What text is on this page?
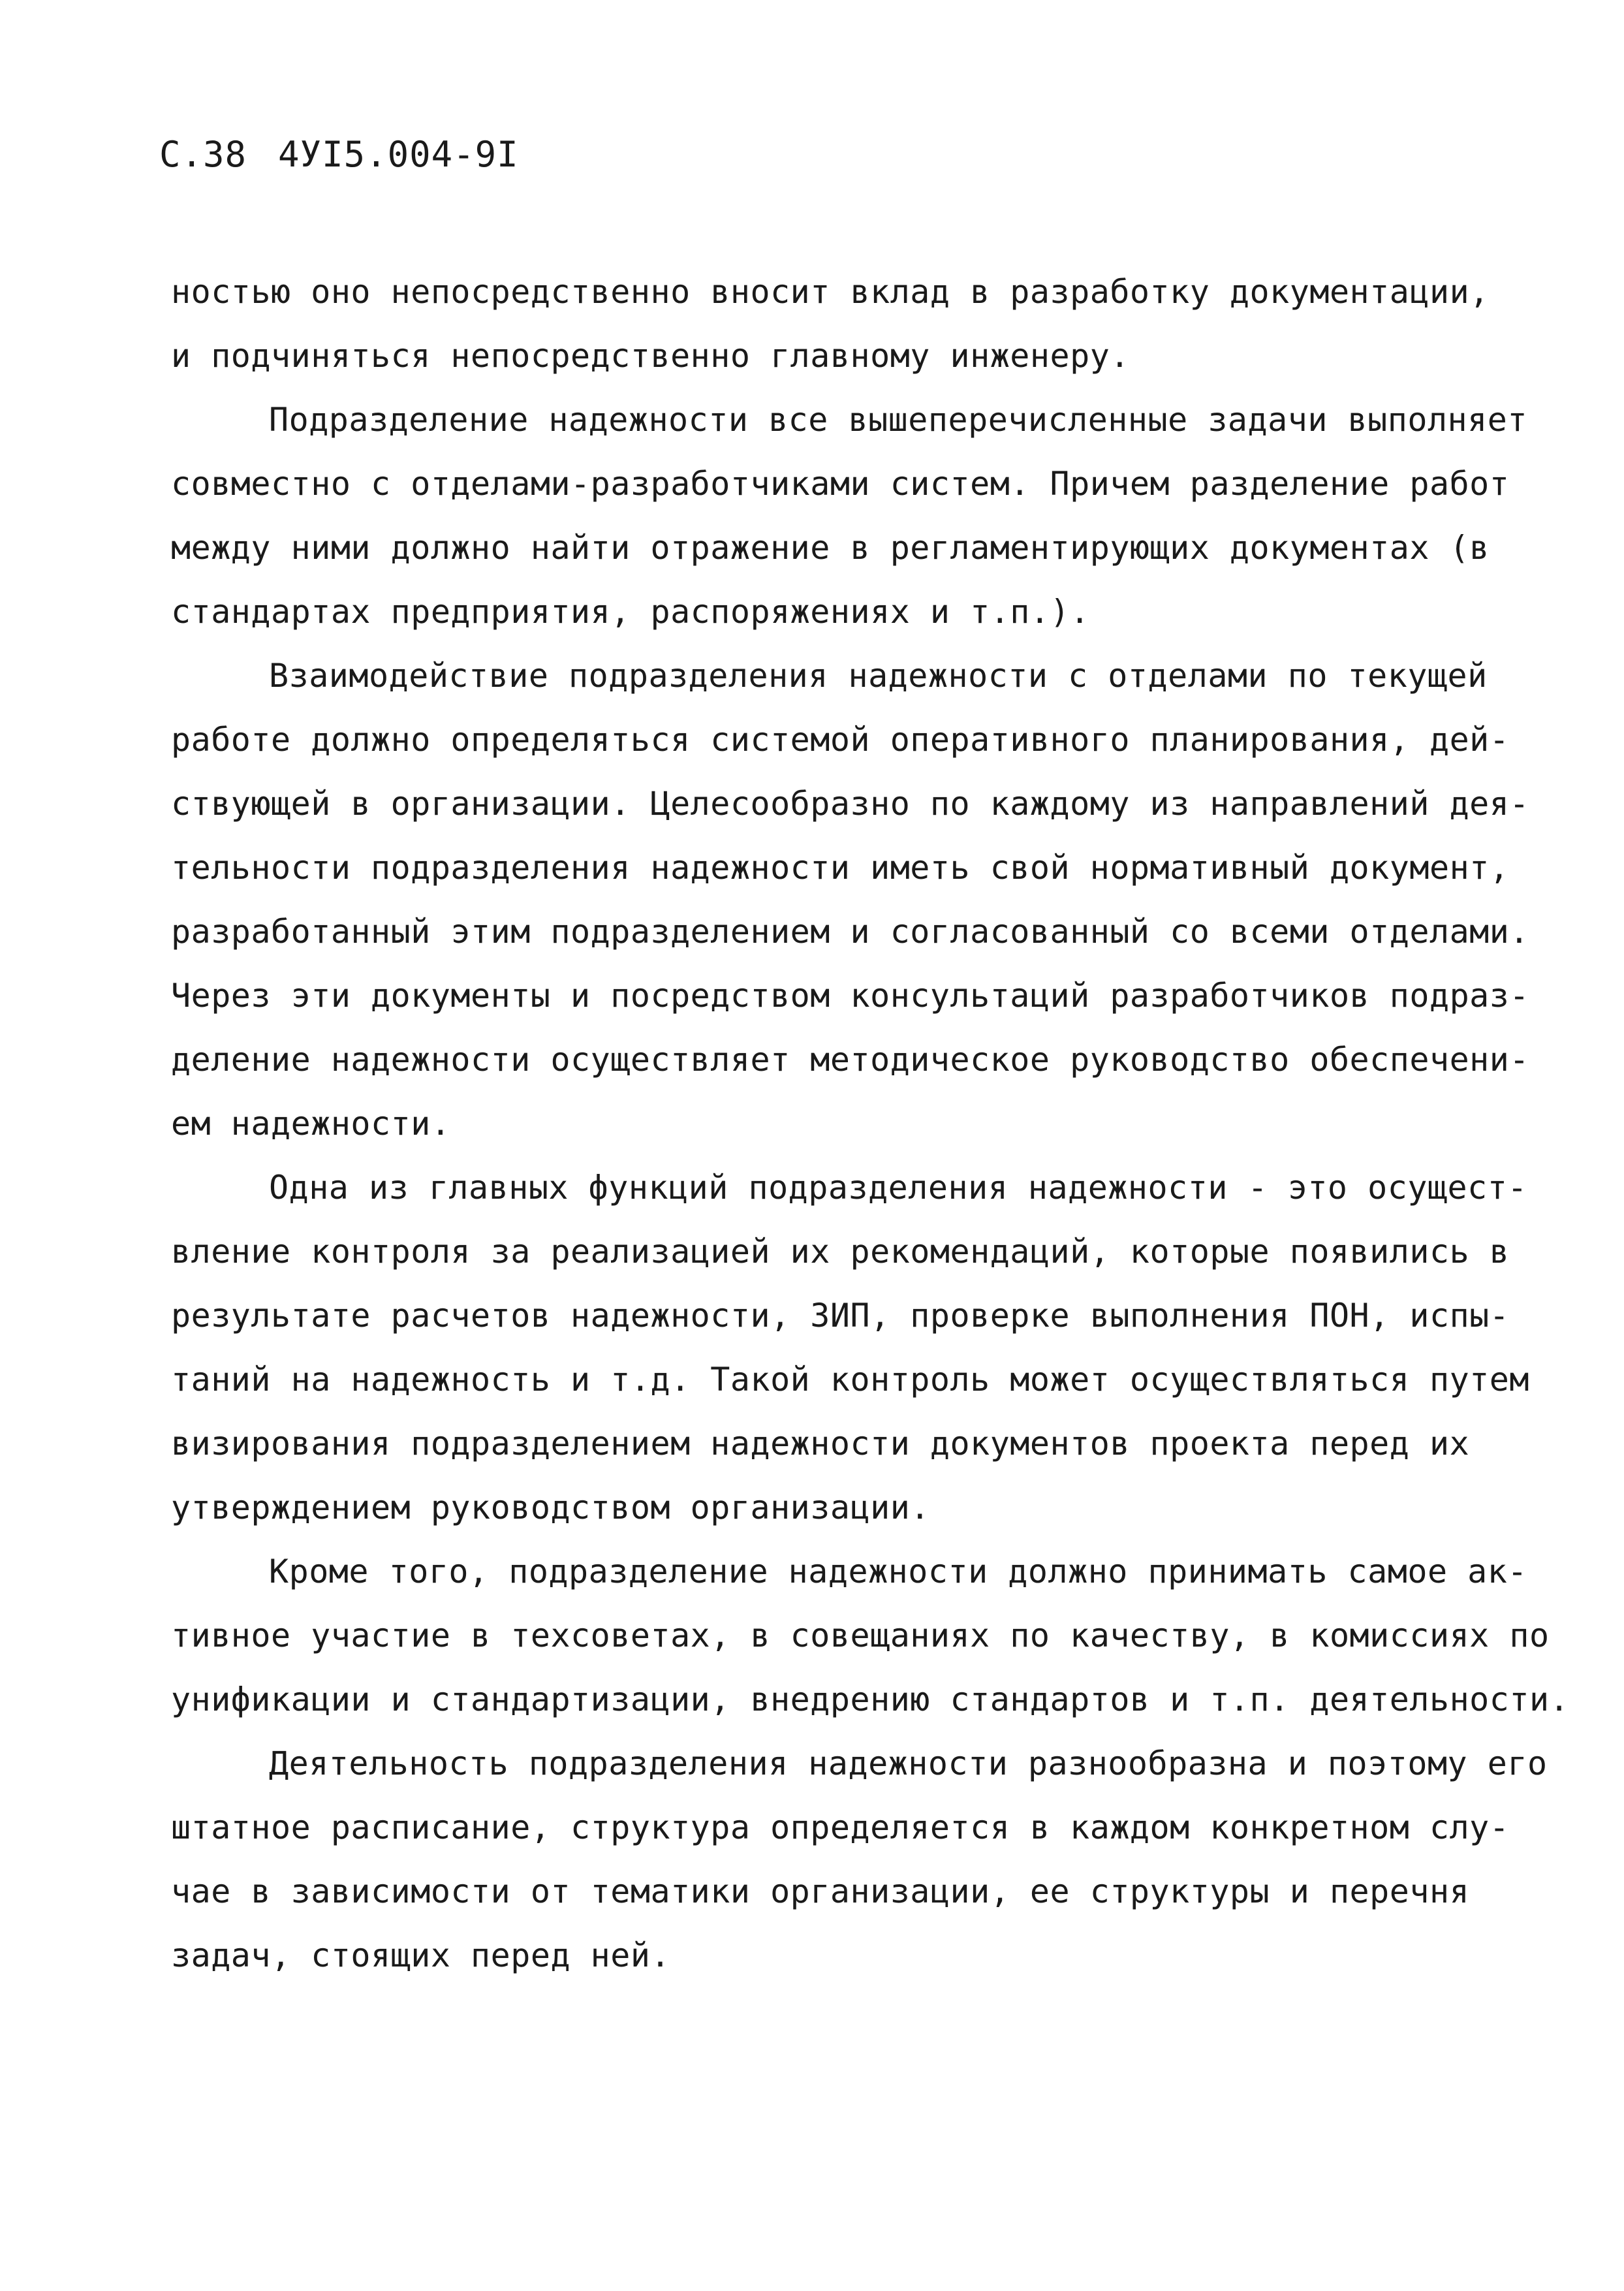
С.38 4УI5.004-9I
ностью оно непосредственно вносит вклад в разработку документации,
и подчиняться непосредственно главному инженеру.
Подразделение надежности все вышеперечисленные задачи выполняет
совместно с отделами-разработчиками систем. Причем разделение работ
между ними должно найти отражение в регламентирующих документах (в
стандартах предприятия, распоряжениях и т.п.).
Взаимодействие подразделения надежности с отделами по текущей
работе должно определяться системой оперативного планирования, дей-
ствующей в организации. Целесообразно по каждому из направлений дея-
тельности подразделения надежности иметь свой нормативный документ,
разработанный этим подразделением и согласованный со всеми отделами.
Через эти документы и посредством консультаций разработчиков подраз-
деление надежности осуществляет методическое руководство обеспечени-
ем надежности.
Одна из главных функций подразделения надежности - это осущест-
вление контроля за реализацией их рекомендаций, которые появились в
результате расчетов надежности, ЗИП, проверке выполнения ПОН, испы-
таний на надежность и т.д. Такой контроль может осуществляться путем
визирования подразделением надежности документов проекта перед их
утверждением руководством организации.
Кроме того, подразделение надежности должно принимать самое ак-
тивное участие в техсоветах, в совещаниях по качеству, в комиссиях по
унификации и стандартизации, внедрению стандартов и т.п. деятельности.
Деятельность подразделения надежности разнообразна и поэтому его
штатное расписание, структура определяется в каждом конкретном слу-
чае в зависимости от тематики организации, ее структуры и перечня
задач, стоящих перед ней.
